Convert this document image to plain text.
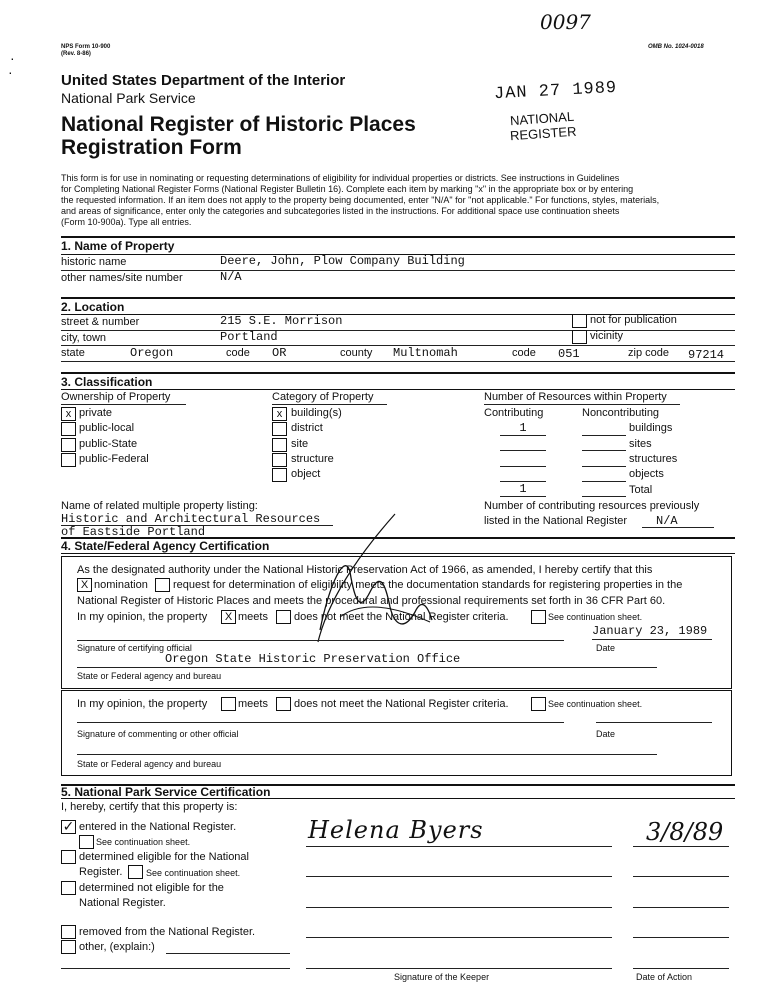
NPS Form 10-900
(Rev. 8-86)
OMB No. 1024-0018
0097
·
·	United States Department of the Interior
National Park Service
National Register of Historic Places
Registration Form
JAN 27 1989
NATIONAL
REGISTER
This form is for use in nominating or requesting determinations of eligibility for individual properties or districts. See instructions in Guidelines
for Completing National Register Forms (National Register Bulletin 16). Complete each item by marking "x" in the appropriate box or by entering
the requested information. If an item does not apply to the property being documented, enter "N/A" for "not applicable." For functions, styles, materials,
and areas of significance, enter only the categories and subcategories listed in the instructions. For additional space use continuation sheets
(Form 10-900a). Type all entries.
1. Name of Property
historic name	Deere, John, Plow Company Building
other names/site number	N/A
2. Location
street & number	215 S.E. Morrison	not for publication
city, town	Portland	vicinity
state	Oregon	code OR	county Multnomah	code 051	zip code 97214
3. Classification
Ownership of Property
x private
public-local
public-State
public-Federal
Category of Property
x building(s)
district
site
structure
object
Number of Resources within Property
Contributing	Noncontributing
1	buildings
sites
structures
objects
1	Total
Name of related multiple property listing:
Historic and Architectural Resources
of Eastside Portland
Number of contributing resources previously
listed in the National Register N/A
4. State/Federal Agency Certification
As the designated authority under the National Historic Preservation Act of 1966, as amended, I hereby certify that this
X nomination request for determination of eligibility meets the documentation standards for registering properties in the
National Register of Historic Places and meets the procedural and professional requirements set forth in 36 CFR Part 60.
In my opinion, the property	X meets does not meet the National Register criteria.	See continuation sheet.
January 23, 1989
Signature of certifying official	Date
Oregon State Historic Preservation Office
State or Federal agency and bureau
In my opinion, the property	meets does not meet the National Register criteria.	See continuation sheet.
Signature of commenting or other official	Date
State or Federal agency and bureau
5. National Park Service Certification
I, hereby, certify that this property is:
✓ entered in the National Register.
See continuation sheet.
determined eligible for the National
Register.	See continuation sheet.
determined not eligible for the
National Register.
removed from the National Register.
other, (explain:)
Helena Byers	3/8/89
Signature of the Keeper	Date of Action
